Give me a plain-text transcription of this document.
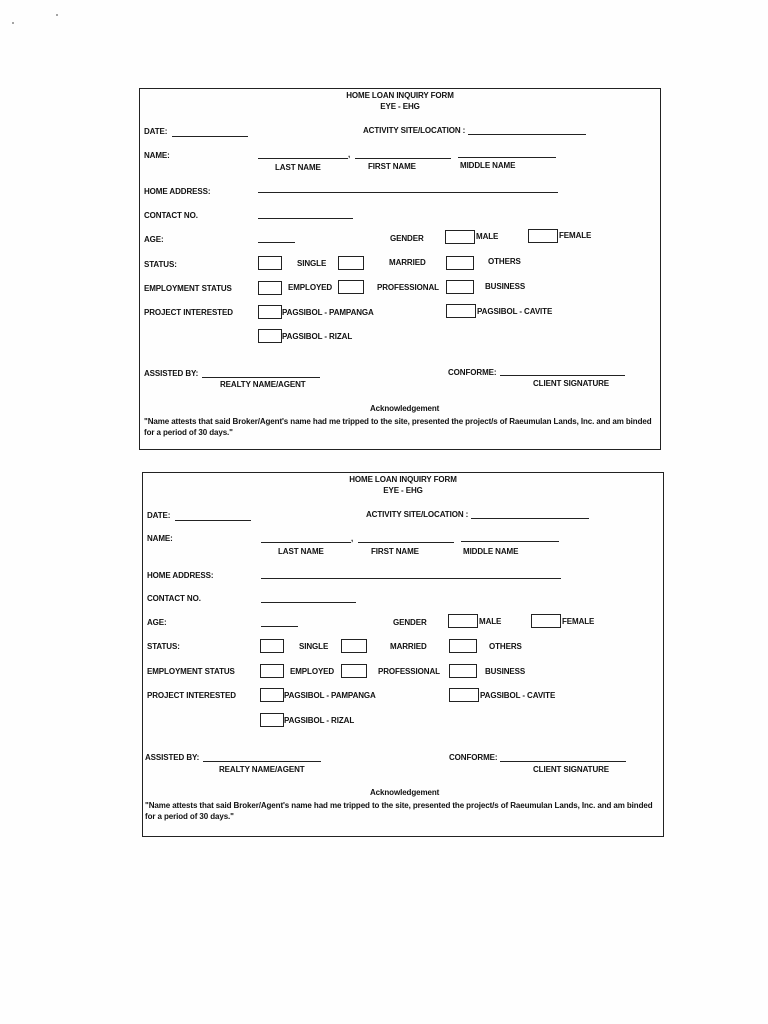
HOME LOAN INQUIRY FORM
EYE - EHG
DATE:	ACTIVITY SITE/LOCATION :
NAME:	,
LAST NAME	FIRST NAME	MIDDLE NAME
HOME ADDRESS:
CONTACT NO.
AGE:	GENDER	MALE	FEMALE
STATUS:	SINGLE	MARRIED	OTHERS
EMPLOYMENT STATUS	EMPLOYED	PROFESSIONAL	BUSINESS
PROJECT INTERESTED	PAGSIBOL - PAMPANGA	PAGSIBOL - CAVITE
PAGSIBOL - RIZAL
ASSISTED BY:
REALTY NAME/AGENT
CONFORME:
CLIENT SIGNATURE
Acknowledgement
"Name attests that said Broker/Agent's name had me tripped to the site, presented the project/s of Raeumulan Lands, Inc. and am binded for a period of 30 days."
HOME LOAN INQUIRY FORM
EYE - EHG
DATE:	ACTIVITY SITE/LOCATION :
NAME:	,
LAST NAME	FIRST NAME	MIDDLE NAME
HOME ADDRESS:
CONTACT NO.
AGE:	GENDER	MALE	FEMALE
STATUS:	SINGLE	MARRIED	OTHERS
EMPLOYMENT STATUS	EMPLOYED	PROFESSIONAL	BUSINESS
PROJECT INTERESTED	PAGSIBOL - PAMPANGA	PAGSIBOL - CAVITE
PAGSIBOL - RIZAL
ASSISTED BY:
REALTY NAME/AGENT
CONFORME:
CLIENT SIGNATURE
Acknowledgement
"Name attests that said Broker/Agent's name had me tripped to the site, presented the project/s of Raeumulan Lands, Inc. and am binded for a period of 30 days."
